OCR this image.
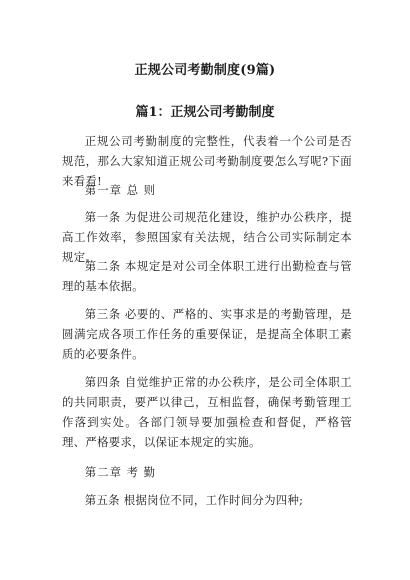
正规公司考勤制度(9篇)
篇1：正规公司考勤制度

正规公司考勤制度的完整性，代表着一个公司是否规范，那么大家知道正规公司考勤制度要怎么写呢?下面来看看!

第一章 总 则

第一条 为促进公司规范化建设，维护办公秩序，提高工作效率，参照国家有关法规，结合公司实际制定本规定。

第二条 本规定是对公司全体职工进行出勤检查与管理的基本依据。

第三条 必要的、严格的、实事求是的考勤管理，是圆满完成各项工作任务的重要保证，是提高全体职工素质的必要条件。

第四条 自觉维护正常的办公秩序，是公司全体职工的共同职责，要严以律己，互相监督，确保考勤管理工作落到实处。各部门领导要加强检查和督促，严格管理、严格要求，以保证本规定的实施。

第二章 考 勤

第五条 根据岗位不同，工作时间分为四种;
